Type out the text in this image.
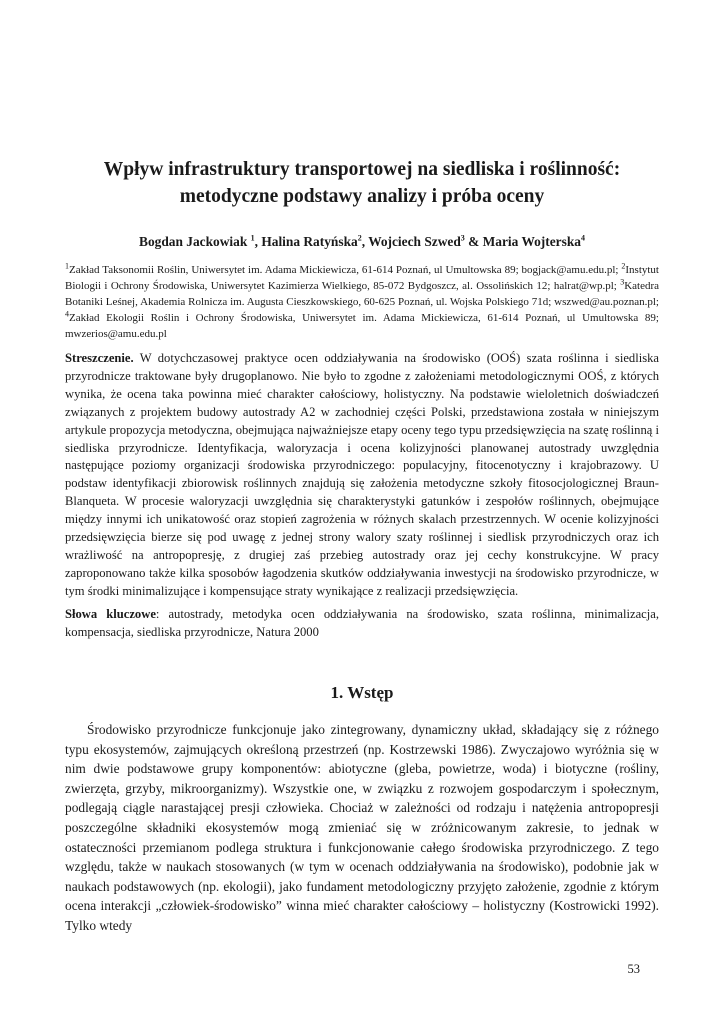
Wpływ infrastruktury transportowej na siedliska i roślinność:
metodyczne podstawy analizy i próba oceny

Bogdan Jackowiak $^1$, Halina Ratyńska$^2$, Wojciech Szwed$^3$ & Maria Wojterska$^4$

$^1$Zakład Taksonomii Roślin, Uniwersytet im. Adama Mickiewicza, 61-614 Poznań, ul Umultowska 89; bogjack@amu.edu.pl; $^2$Instytut Biologii i Ochrony Środowiska, Uniwersytet Kazimierza Wielkiego, 85-072 Bydgoszcz, al. Ossolińskich 12; halrat@wp.pl; $^3$Katedra Botaniki Leśnej, Akademia Rolnicza im. Augusta Cieszkowskiego, 60-625 Poznań, ul. Wojska Polskiego 71d; wszwed@au.poznan.pl; $^4$Zakład Ekologii Roślin i Ochrony Środowiska, Uniwersytet im. Adama Mickiewicza, 61-614 Poznań, ul Umultowska 89; mwzerios@amu.edu.pl

Streszczenie. W dotychczasowej praktyce ocen oddziaływania na środowisko (OOŚ) szata roślinna i siedliska przyrodnicze traktowane były drugoplanowo. Nie było to zgodne z założeniami metodologicznymi OOŚ, z których wynika, że ocena taka powinna mieć charakter całościowy, holistyczny. Na podstawie wieloletnich doświadczeń związanych z projektem budowy autostrady A2 w zachodniej części Polski, przedstawiona została w niniejszym artykule propozycja metodyczna, obejmująca najważniejsze etapy oceny tego typu przedsięwzięcia na szatę roślinną i siedliska przyrodnicze. Identyfikacja, waloryzacja i ocena kolizyjności planowanej autostrady uwzględnia następujące poziomy organizacji środowiska przyrodniczego: populacyjny, fitocenotyczny i krajobrazowy. U podstaw identyfikacji zbiorowisk roślinnych znajdują się założenia metodyczne szkoły fitosocjologicznej Braun-Blanqueta. W procesie waloryzacji uwzględnia się charakterystyki gatunków i zespołów roślinnych, obejmujące między innymi ich unikatowość oraz stopień zagrożenia w różnych skalach przestrzennych. W ocenie kolizyjności przedsięwzięcia bierze się pod uwagę z jednej strony walory szaty roślinnej i siedlisk przyrodniczych oraz ich wrażliwość na antropopresję, z drugiej zaś przebieg autostrady oraz jej cechy konstrukcyjne. W pracy zaproponowano także kilka sposobów łagodzenia skutków oddziaływania inwestycji na środowisko przyrodnicze, w tym środki minimalizujące i kompensujące straty wynikające z realizacji przedsięwzięcia.

Słowa kluczowe: autostrady, metodyka ocen oddziaływania na środowisko, szata roślinna, minimalizacja, kompensacja, siedliska przyrodnicze, Natura 2000

1. Wstęp

Środowisko przyrodnicze funkcjonuje jako zintegrowany, dynamiczny układ, składający się z różnego typu ekosystemów, zajmujących określoną przestrzeń (np. Kostrzewski 1986). Zwyczajowo wyróżnia się w nim dwie podstawowe grupy komponentów: abiotyczne (gleba, powietrze, woda) i biotyczne (rośliny, zwierzęta, grzyby, mikroorganizmy). Wszystkie one, w związku z rozwojem gospodarczym i społecznym, podlegają ciągle narastającej presji człowieka. Chociaż w zależności od rodzaju i natężenia antropopresji poszczególne składniki ekosystemów mogą zmieniać się w zróżnicowanym zakresie, to jednak w ostateczności przemianom podlega struktura i funkcjonowanie całego środowiska przyrodniczego. Z tego względu, także w naukach stosowanych (w tym w ocenach oddziaływania na środowisko), podobnie jak w naukach podstawowych (np. ekologii), jako fundament metodologiczny przyjęto założenie, zgodnie z którym ocena interakcji „człowiek-środowisko” winna mieć charakter całościowy – holistyczny (Kostrowicki 1992). Tylko wtedy

53
